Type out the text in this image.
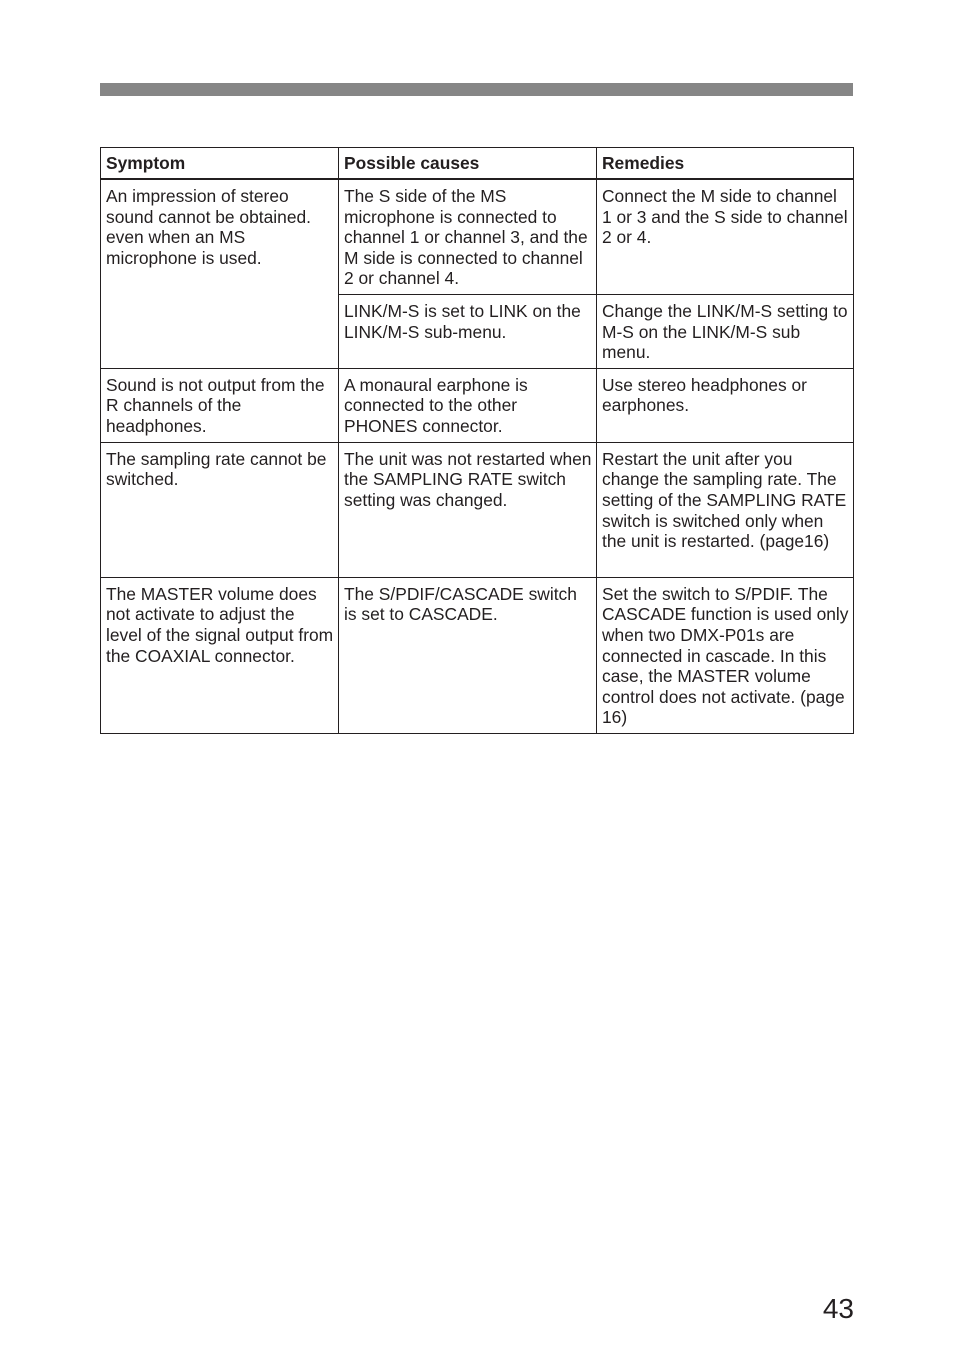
Symptom	Possible causes	Remedies
An impression of stereo sound cannot be obtained. even when an MS microphone is used.	The S side of the MS microphone is connected to channel 1 or channel 3, and the M side is connected to channel 2 or channel 4.	Connect the M side to channel 1 or 3 and the S side to channel 2 or 4.
	LINK/M-S is set to LINK on the LINK/M-S sub-menu.	Change the LINK/M-S setting to M-S on the LINK/M-S sub menu.
Sound is not output from the R channels of the headphones.	A monaural earphone is connected to the other PHONES connector.	Use stereo headphones or earphones.
The sampling rate cannot be switched.	The unit was not restarted when the SAMPLING RATE switch setting was changed.	Restart the unit after you change the sampling rate. The setting of the SAMPLING RATE switch is switched only when the unit is restarted. (page16)
The MASTER volume does not activate to adjust the level of the signal output from the COAXIAL connector.	The S/PDIF/CASCADE switch is set to CASCADE.	Set the switch to S/PDIF. The CASCADE function is used only when two DMX-P01s are connected in cascade. In this case, the MASTER volume control does not activate. (page 16)
43
